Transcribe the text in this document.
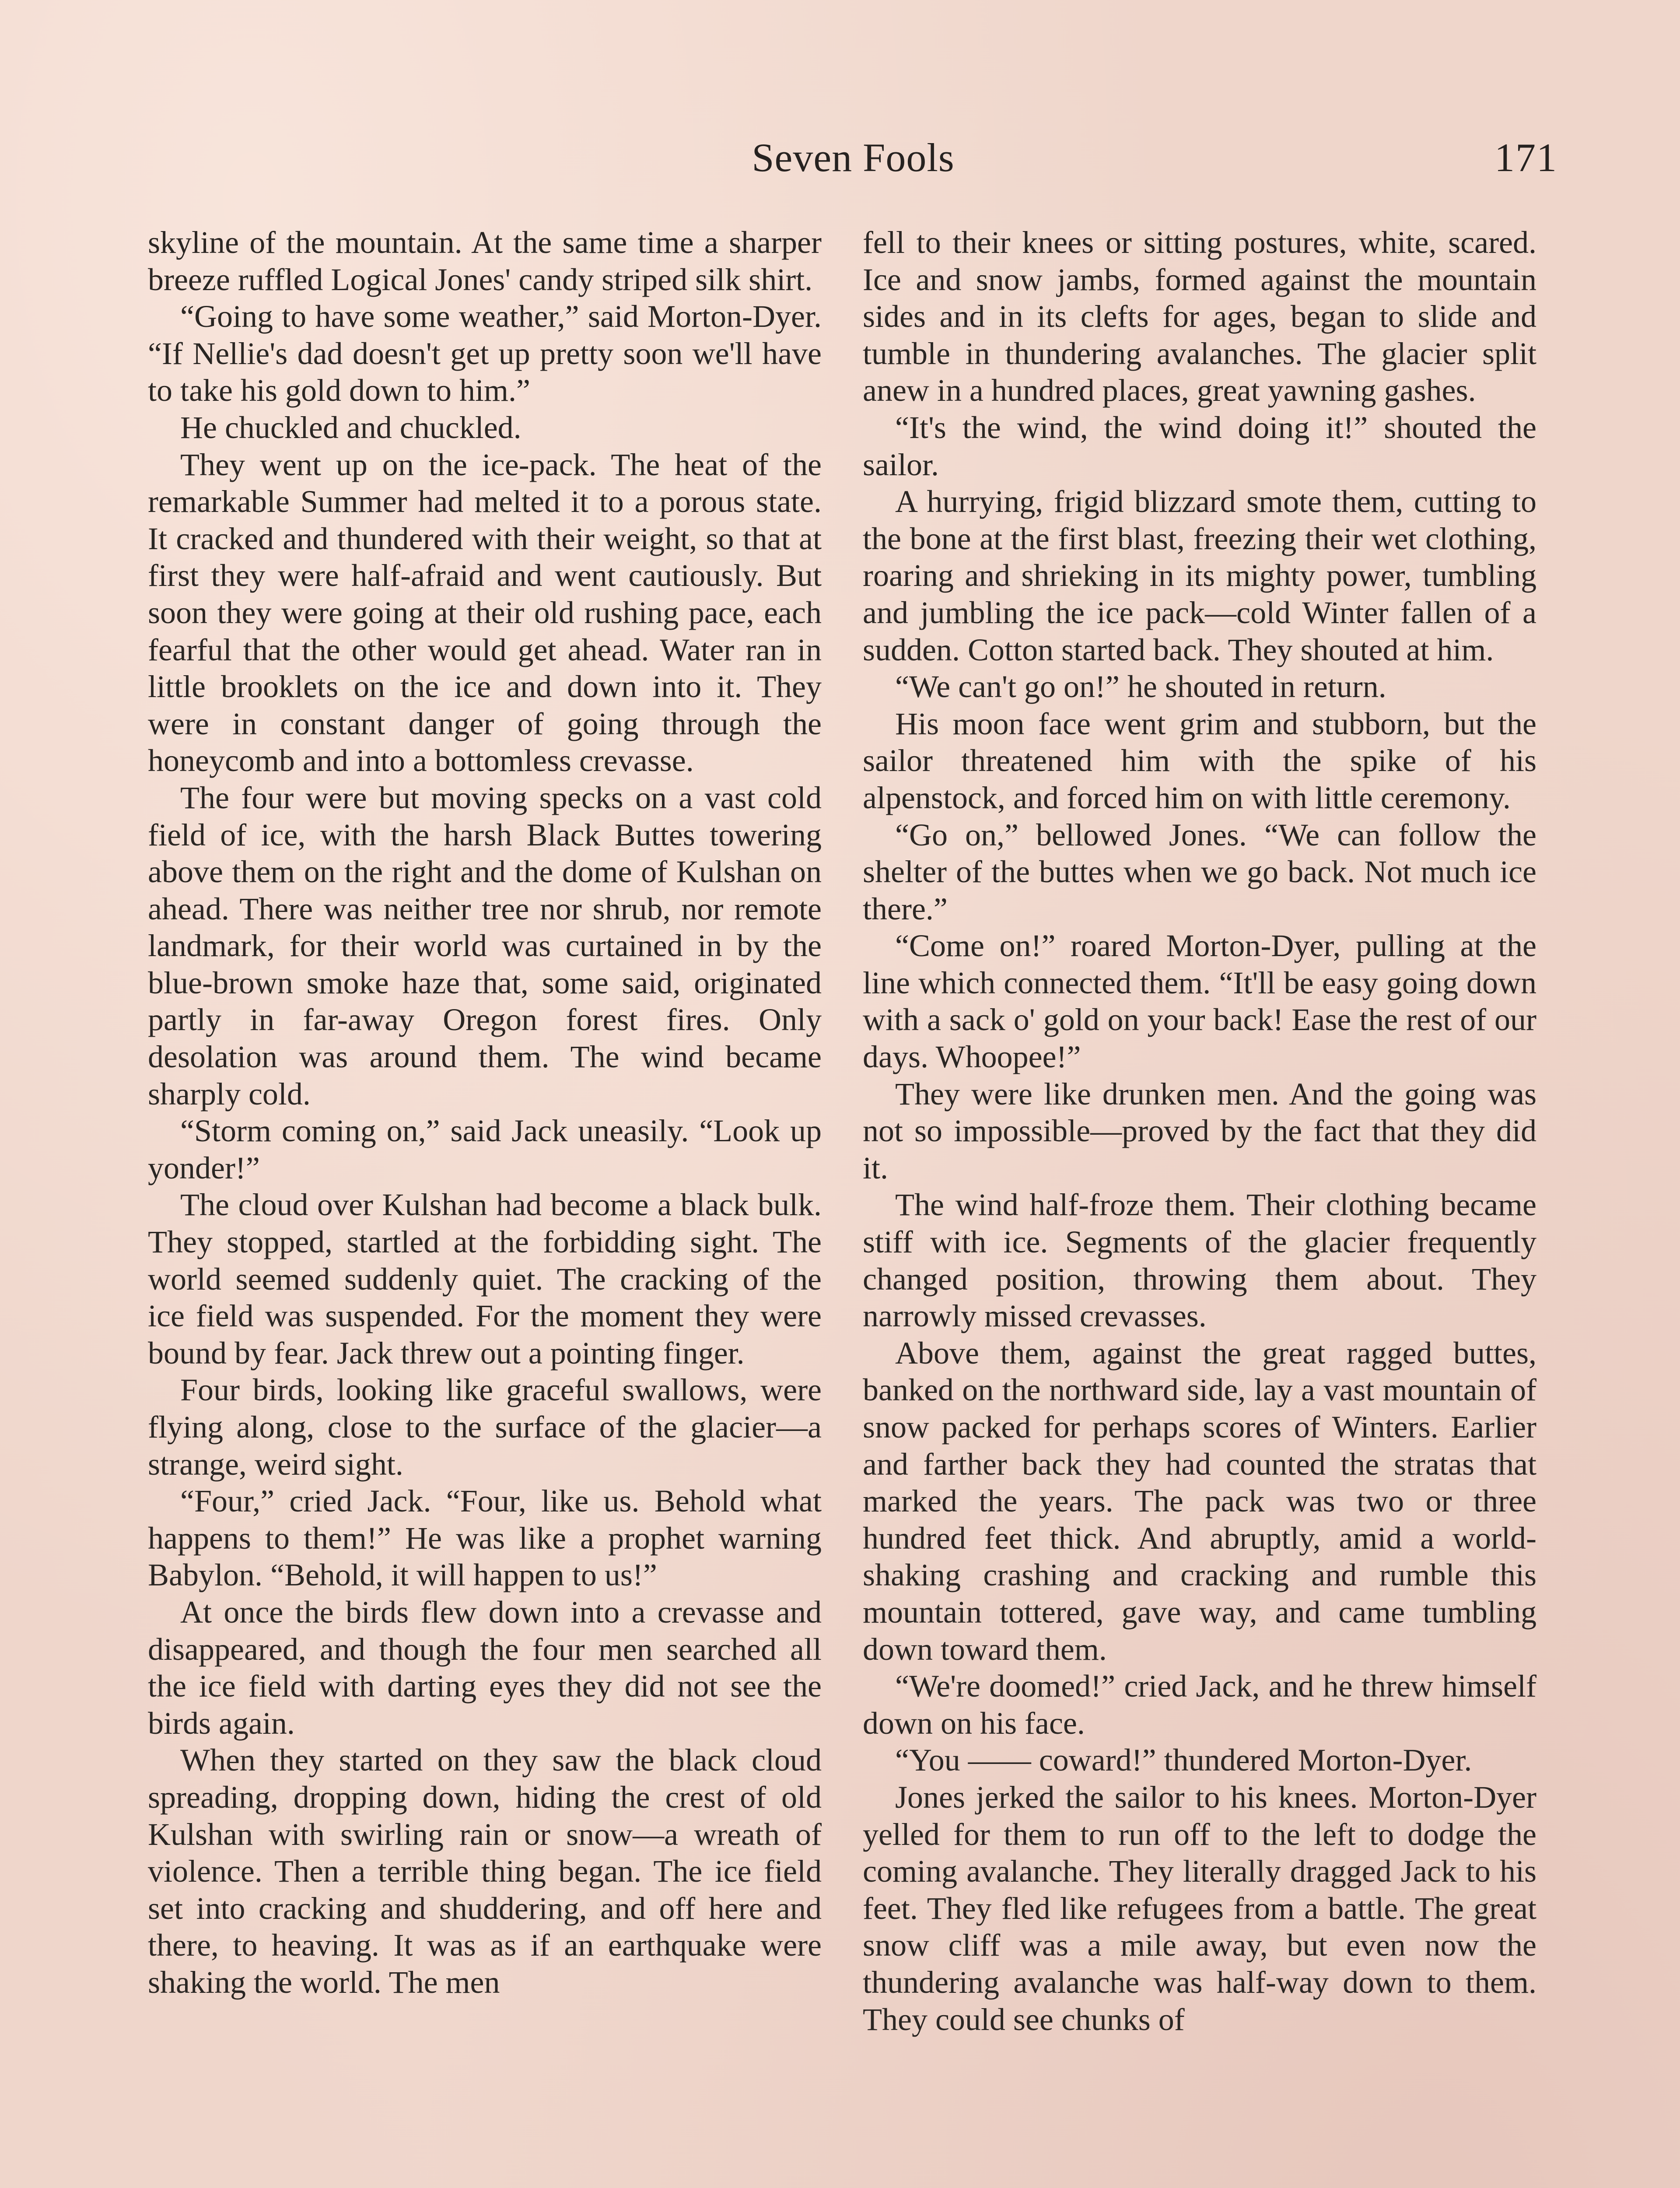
Seven Fools	171

skyline of the mountain. At the same time a sharper breeze ruffled Logical Jones' candy striped silk shirt.

“Going to have some weather,” said Morton-Dyer. “If Nellie's dad doesn't get up pretty soon we'll have to take his gold down to him.”

He chuckled and chuckled.

They went up on the ice-pack. The heat of the remarkable Summer had melted it to a porous state. It cracked and thundered with their weight, so that at first they were half-afraid and went cautiously. But soon they were going at their old rushing pace, each fearful that the other would get ahead. Water ran in little brooklets on the ice and down into it. They were in constant danger of going through the honeycomb and into a bottomless crevasse.

The four were but moving specks on a vast cold field of ice, with the harsh Black Buttes towering above them on the right and the dome of Kulshan on ahead. There was neither tree nor shrub, nor remote landmark, for their world was curtained in by the blue-brown smoke haze that, some said, originated partly in far-away Oregon forest fires. Only desolation was around them. The wind became sharply cold.

“Storm coming on,” said Jack uneasily. “Look up yonder!”

The cloud over Kulshan had become a black bulk. They stopped, startled at the forbidding sight. The world seemed suddenly quiet. The cracking of the ice field was suspended. For the moment they were bound by fear. Jack threw out a pointing finger.

Four birds, looking like graceful swallows, were flying along, close to the surface of the glacier—a strange, weird sight.

“Four,” cried Jack. “Four, like us. Behold what happens to them!” He was like a prophet warning Babylon. “Behold, it will happen to us!”

At once the birds flew down into a crevasse and disappeared, and though the four men searched all the ice field with darting eyes they did not see the birds again.

When they started on they saw the black cloud spreading, dropping down, hiding the crest of old Kulshan with swirling rain or snow—a wreath of violence. Then a terrible thing began. The ice field set into cracking and shuddering, and off here and there, to heaving. It was as if an earthquake were shaking the world. The men

fell to their knees or sitting postures, white, scared. Ice and snow jambs, formed against the mountain sides and in its clefts for ages, began to slide and tumble in thundering avalanches. The glacier split anew in a hundred places, great yawning gashes.

“It's the wind, the wind doing it!” shouted the sailor.

A hurrying, frigid blizzard smote them, cutting to the bone at the first blast, freezing their wet clothing, roaring and shrieking in its mighty power, tumbling and jumbling the ice pack—cold Winter fallen of a sudden. Cotton started back. They shouted at him.

“We can't go on!” he shouted in return.

His moon face went grim and stubborn, but the sailor threatened him with the spike of his alpenstock, and forced him on with little ceremony.

“Go on,” bellowed Jones. “We can follow the shelter of the buttes when we go back. Not much ice there.”

“Come on!” roared Morton-Dyer, pulling at the line which connected them. “It'll be easy going down with a sack o' gold on your back! Ease the rest of our days. Whoopee!”

They were like drunken men. And the going was not so impossible—proved by the fact that they did it.

The wind half-froze them. Their clothing became stiff with ice. Segments of the glacier frequently changed position, throwing them about. They narrowly missed crevasses.

Above them, against the great ragged buttes, banked on the northward side, lay a vast mountain of snow packed for perhaps scores of Winters. Earlier and farther back they had counted the stratas that marked the years. The pack was two or three hundred feet thick. And abruptly, amid a world-shaking crashing and cracking and rumble this mountain tottered, gave way, and came tumbling down toward them.

“We're doomed!” cried Jack, and he threw himself down on his face.

“You —— coward!” thundered Morton-Dyer.

Jones jerked the sailor to his knees. Morton-Dyer yelled for them to run off to the left to dodge the coming avalanche. They literally dragged Jack to his feet. They fled like refugees from a battle. The great snow cliff was a mile away, but even now the thundering avalanche was half-way down to them. They could see chunks of
